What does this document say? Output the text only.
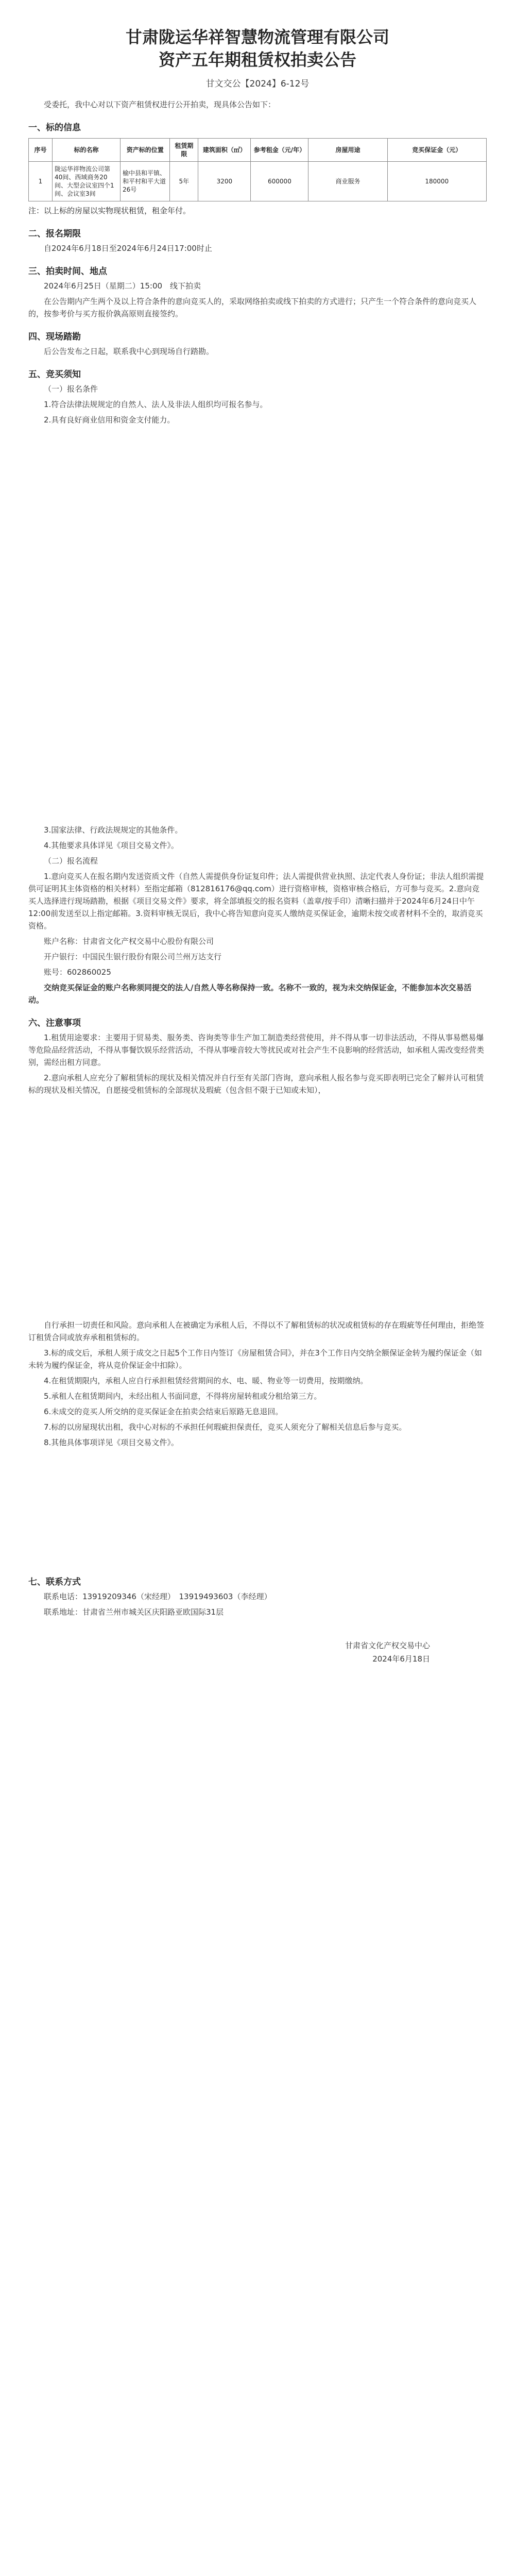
甘肃陇运华祥智慧物流管理有限公司

资产五年期租赁权拍卖公告

甘文交公【2024】6-12号

受委托，我中心对以下资产租赁权进行公开拍卖，现具体公告如下：

一、标的信息
序号	标的名称	资产标的位置	租赁期限	建筑面积（㎡）	参考租金（元/年）	房屋用途	竞买保证金（元）
1	陇运华祥物流公司第40间、西域商务20间、大型会议室四个1间、会议室3间	榆中县和平镇、和平村和平大道26号	5年	3200	600000	商业服务	180000

注：以上标的房屋以实物现状租赁，租金年付。

二、报名期限

自2024年6月18日至2024年6月24日17:00时止

三、拍卖时间、地点

2024年6月25日（星期二）15:00　线下拍卖

在公告期内产生两个及以上符合条件的意向竞买人的，采取网络拍卖或线下拍卖的方式进行；只产生一个符合条件的意向竞买人的，按参考价与买方报价孰高原则直接签约。

四、现场踏勘

后公告发布之日起，联系我中心到现场自行踏勘。

五、竞买须知

（一）报名条件

1.符合法律法规规定的自然人、法人及非法人组织均可报名参与。

2.具有良好商业信用和资金支付能力。

3.国家法律、行政法规规定的其他条件。

4.其他要求具体详见《项目交易文件》。

（二）报名流程

1.意向竞买人在报名期内发送资质文件（自然人需提供身份证复印件；法人需提供营业执照、法定代表人身份证；非法人组织需提供可证明其主体资格的相关材料）至指定邮箱（812816176@qq.com）进行资格审核，资格审核合格后，方可参与竞买。2.意向竞买人选择进行现场踏勘，根据《项目交易文件》要求，将全部填报交的报名资料（盖章/按手印）清晰扫描并于2024年6月24日中午12:00前发送至以上指定邮箱。3.资料审核无误后，我中心将告知意向竞买人缴纳竞买保证金，逾期未按交或者材料不全的，取消竞买资格。

账户名称：甘肃省文化产权交易中心股份有限公司

开户银行：中国民生银行股份有限公司兰州万达支行

账号：602860025

交纳竞买保证金的账户名称须同提交的法人/自然人等名称保持一致。名称不一致的，视为未交纳保证金，不能参加本次交易活动。

六、注意事项

1.租赁用途要求：主要用于贸易类、服务类、咨询类等非生产加工制造类经营使用，并不得从事一切非法活动，不得从事易燃易爆等危险品经营活动，不得从事餐饮娱乐经营活动，不得从事噪音较大等扰民或对社会产生不良影响的经营活动，如承租人需改变经营类别，需经出租方同意。

2.意向承租人应充分了解租赁标的现状及相关情况并自行至有关部门咨询，意向承租人报名参与竞买即表明已完全了解并认可租赁标的现状及相关情况，自愿接受租赁标的全部现状及瑕疵（包含但不限于已知或未知），

自行承担一切责任和风险。意向承租人在被确定为承租人后，不得以不了解租赁标的状况或租赁标的存在瑕疵等任何理由，拒绝签订租赁合同或放弃承租租赁标的。

3.标的成交后，承租人须于成交之日起5个工作日内签订《房屋租赁合同》，并在3个工作日内交纳全额保证金转为履约保证金（如未转为履约保证金，将从竞价保证金中扣除）。

4.在租赁期限内，承租人应自行承担租赁经营期间的水、电、暖、物业等一切费用，按期缴纳。

5.承租人在租赁期间内，未经出租人书面同意，不得将房屋转租或分租给第三方。

6.未成交的竞买人所交纳的竞买保证金在拍卖会结束后原路无息退回。

7.标的以房屋现状出租，我中心对标的不承担任何瑕疵担保责任，竞买人须充分了解相关信息后参与竞买。

8.其他具体事项详见《项目交易文件》。

七、联系方式

联系电话：13919209346（宋经理）　13919493603（李经理）

联系地址：甘肃省兰州市城关区庆阳路亚欧国际31层

甘肃省文化产权交易中心
2024年6月18日
